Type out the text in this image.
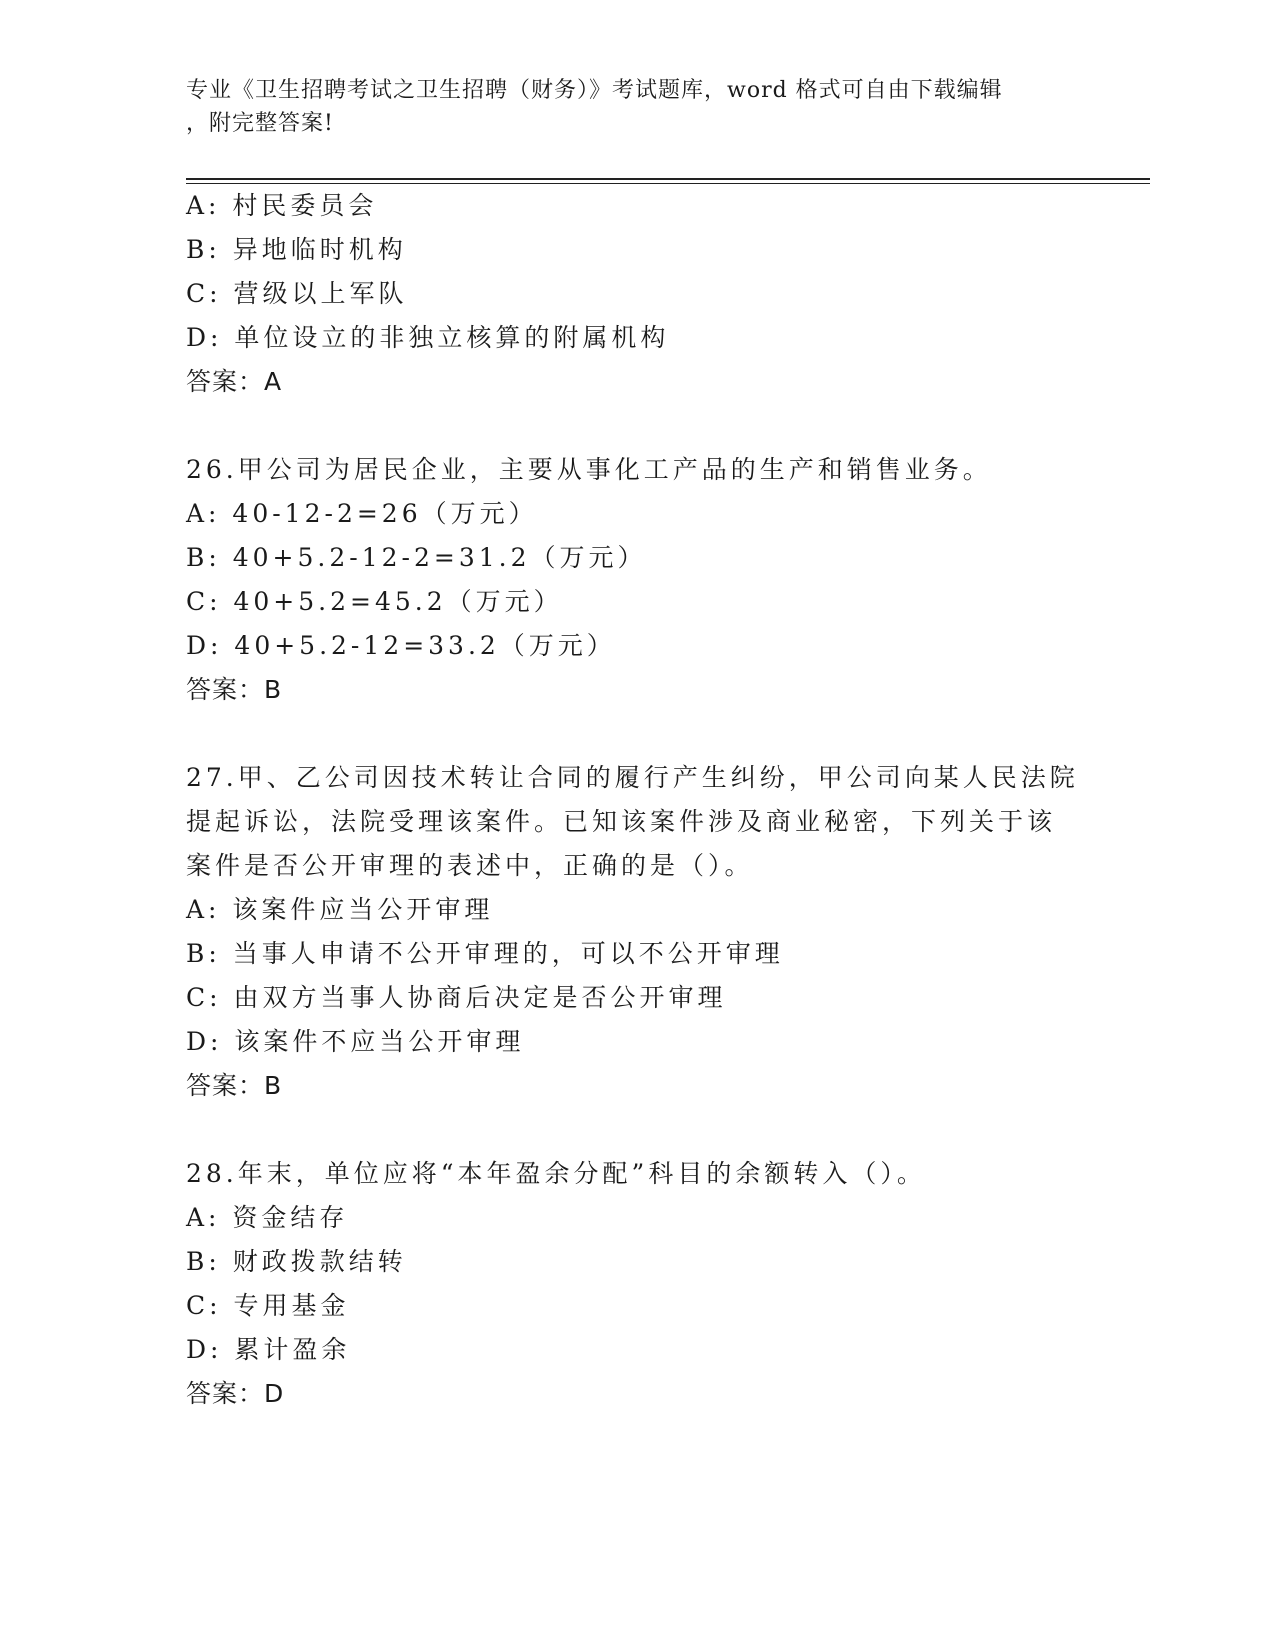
专业《卫生招聘考试之卫生招聘（财务）》考试题库，word 格式可自由下载编辑
，附完整答案!
A: 村民委员会
B: 异地临时机构
C: 营级以上军队
D: 单位设立的非独立核算的附属机构
答案：A
26.甲公司为居民企业，主要从事化工产品的生产和销售业务。
A: 40-12-2=26（万元）
B: 40+5.2-12-2=31.2（万元）
C: 40+5.2=45.2（万元）
D: 40+5.2-12=33.2（万元）
答案：B
27.甲、乙公司因技术转让合同的履行产生纠纷，甲公司向某人民法院
提起诉讼，法院受理该案件。已知该案件涉及商业秘密，下列关于该
案件是否公开审理的表述中，正确的是（）。
A: 该案件应当公开审理
B: 当事人申请不公开审理的，可以不公开审理
C: 由双方当事人协商后决定是否公开审理
D: 该案件不应当公开审理
答案：B
28.年末，单位应将“本年盈余分配”科目的余额转入（）。
A: 资金结存
B: 财政拨款结转
C: 专用基金
D: 累计盈余
答案：D
